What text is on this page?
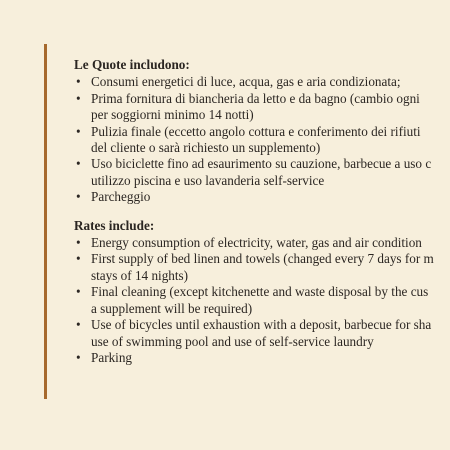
Le Quote includono:
• Consumi energetici di luce, acqua, gas e aria condizionata;
• Prima fornitura di biancheria da letto e da bagno (cambio ogni
per soggiorni minimo 14 notti)
• Pulizia finale (eccetto angolo cottura e conferimento dei rifiuti
del cliente o sarà richiesto un supplemento)
• Uso biciclette fino ad esaurimento su cauzione, barbecue a uso c
utilizzo piscina e uso lavanderia self-service
• Parcheggio
Rates include:
• Energy consumption of electricity, water, gas and air condition
• First supply of bed linen and towels (changed every 7 days for m
stays of 14 nights)
• Final cleaning (except kitchenette and waste disposal by the cus
a supplement will be required)
• Use of bicycles until exhaustion with a deposit, barbecue for sha
use of swimming pool and use of self-service laundry
• Parking
